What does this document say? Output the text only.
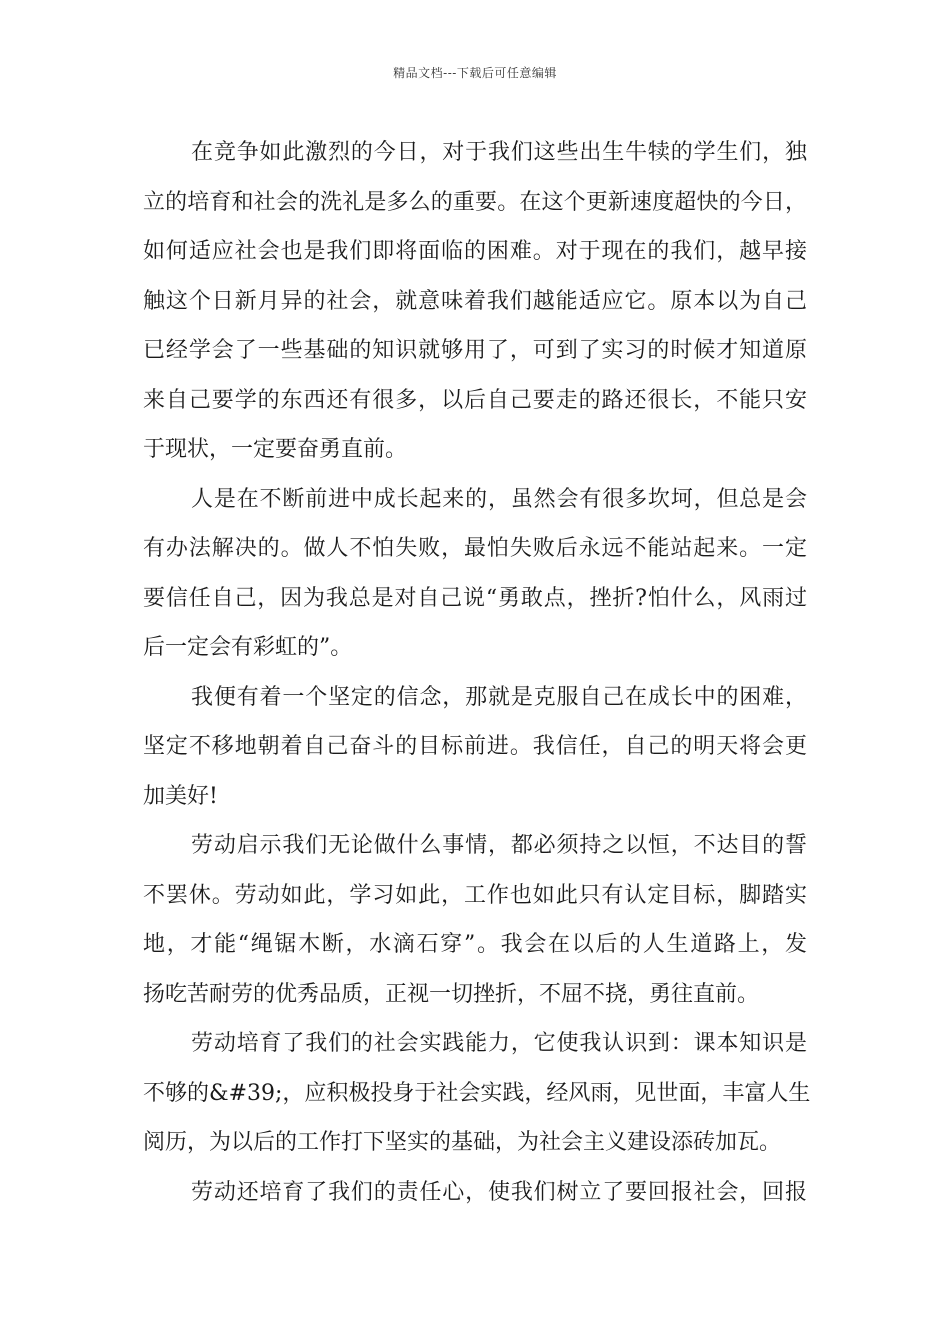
精品文档---下载后可任意编辑
在竞争如此激烈的今日，对于我们这些出生牛犊的学生们，独
立的培育和社会的洗礼是多么的重要。在这个更新速度超快的今日，
如何适应社会也是我们即将面临的困难。对于现在的我们，越早接
触这个日新月异的社会，就意味着我们越能适应它。原本以为自己
已经学会了一些基础的知识就够用了，可到了实习的时候才知道原
来自己要学的东西还有很多，以后自己要走的路还很长，不能只安
于现状，一定要奋勇直前。
人是在不断前进中成长起来的，虽然会有很多坎坷，但总是会
有办法解决的。做人不怕失败，最怕失败后永远不能站起来。一定
要信任自己，因为我总是对自己说“勇敢点，挫折?怕什么，风雨过
后一定会有彩虹的”。
我便有着一个坚定的信念，那就是克服自己在成长中的困难，
坚定不移地朝着自己奋斗的目标前进。我信任，自己的明天将会更
加美好!
劳动启示我们无论做什么事情，都必须持之以恒，不达目的誓
不罢休。劳动如此，学习如此，工作也如此只有认定目标，脚踏实
地，才能“绳锯木断，水滴石穿”。我会在以后的人生道路上，发
扬吃苦耐劳的优秀品质，正视一切挫折，不屈不挠，勇往直前。
劳动培育了我们的社会实践能力，它使我认识到：课本知识是
不够的&#39;，应积极投身于社会实践，经风雨，见世面，丰富人生
阅历，为以后的工作打下坚实的基础，为社会主义建设添砖加瓦。
劳动还培育了我们的责任心，使我们树立了要回报社会，回报
